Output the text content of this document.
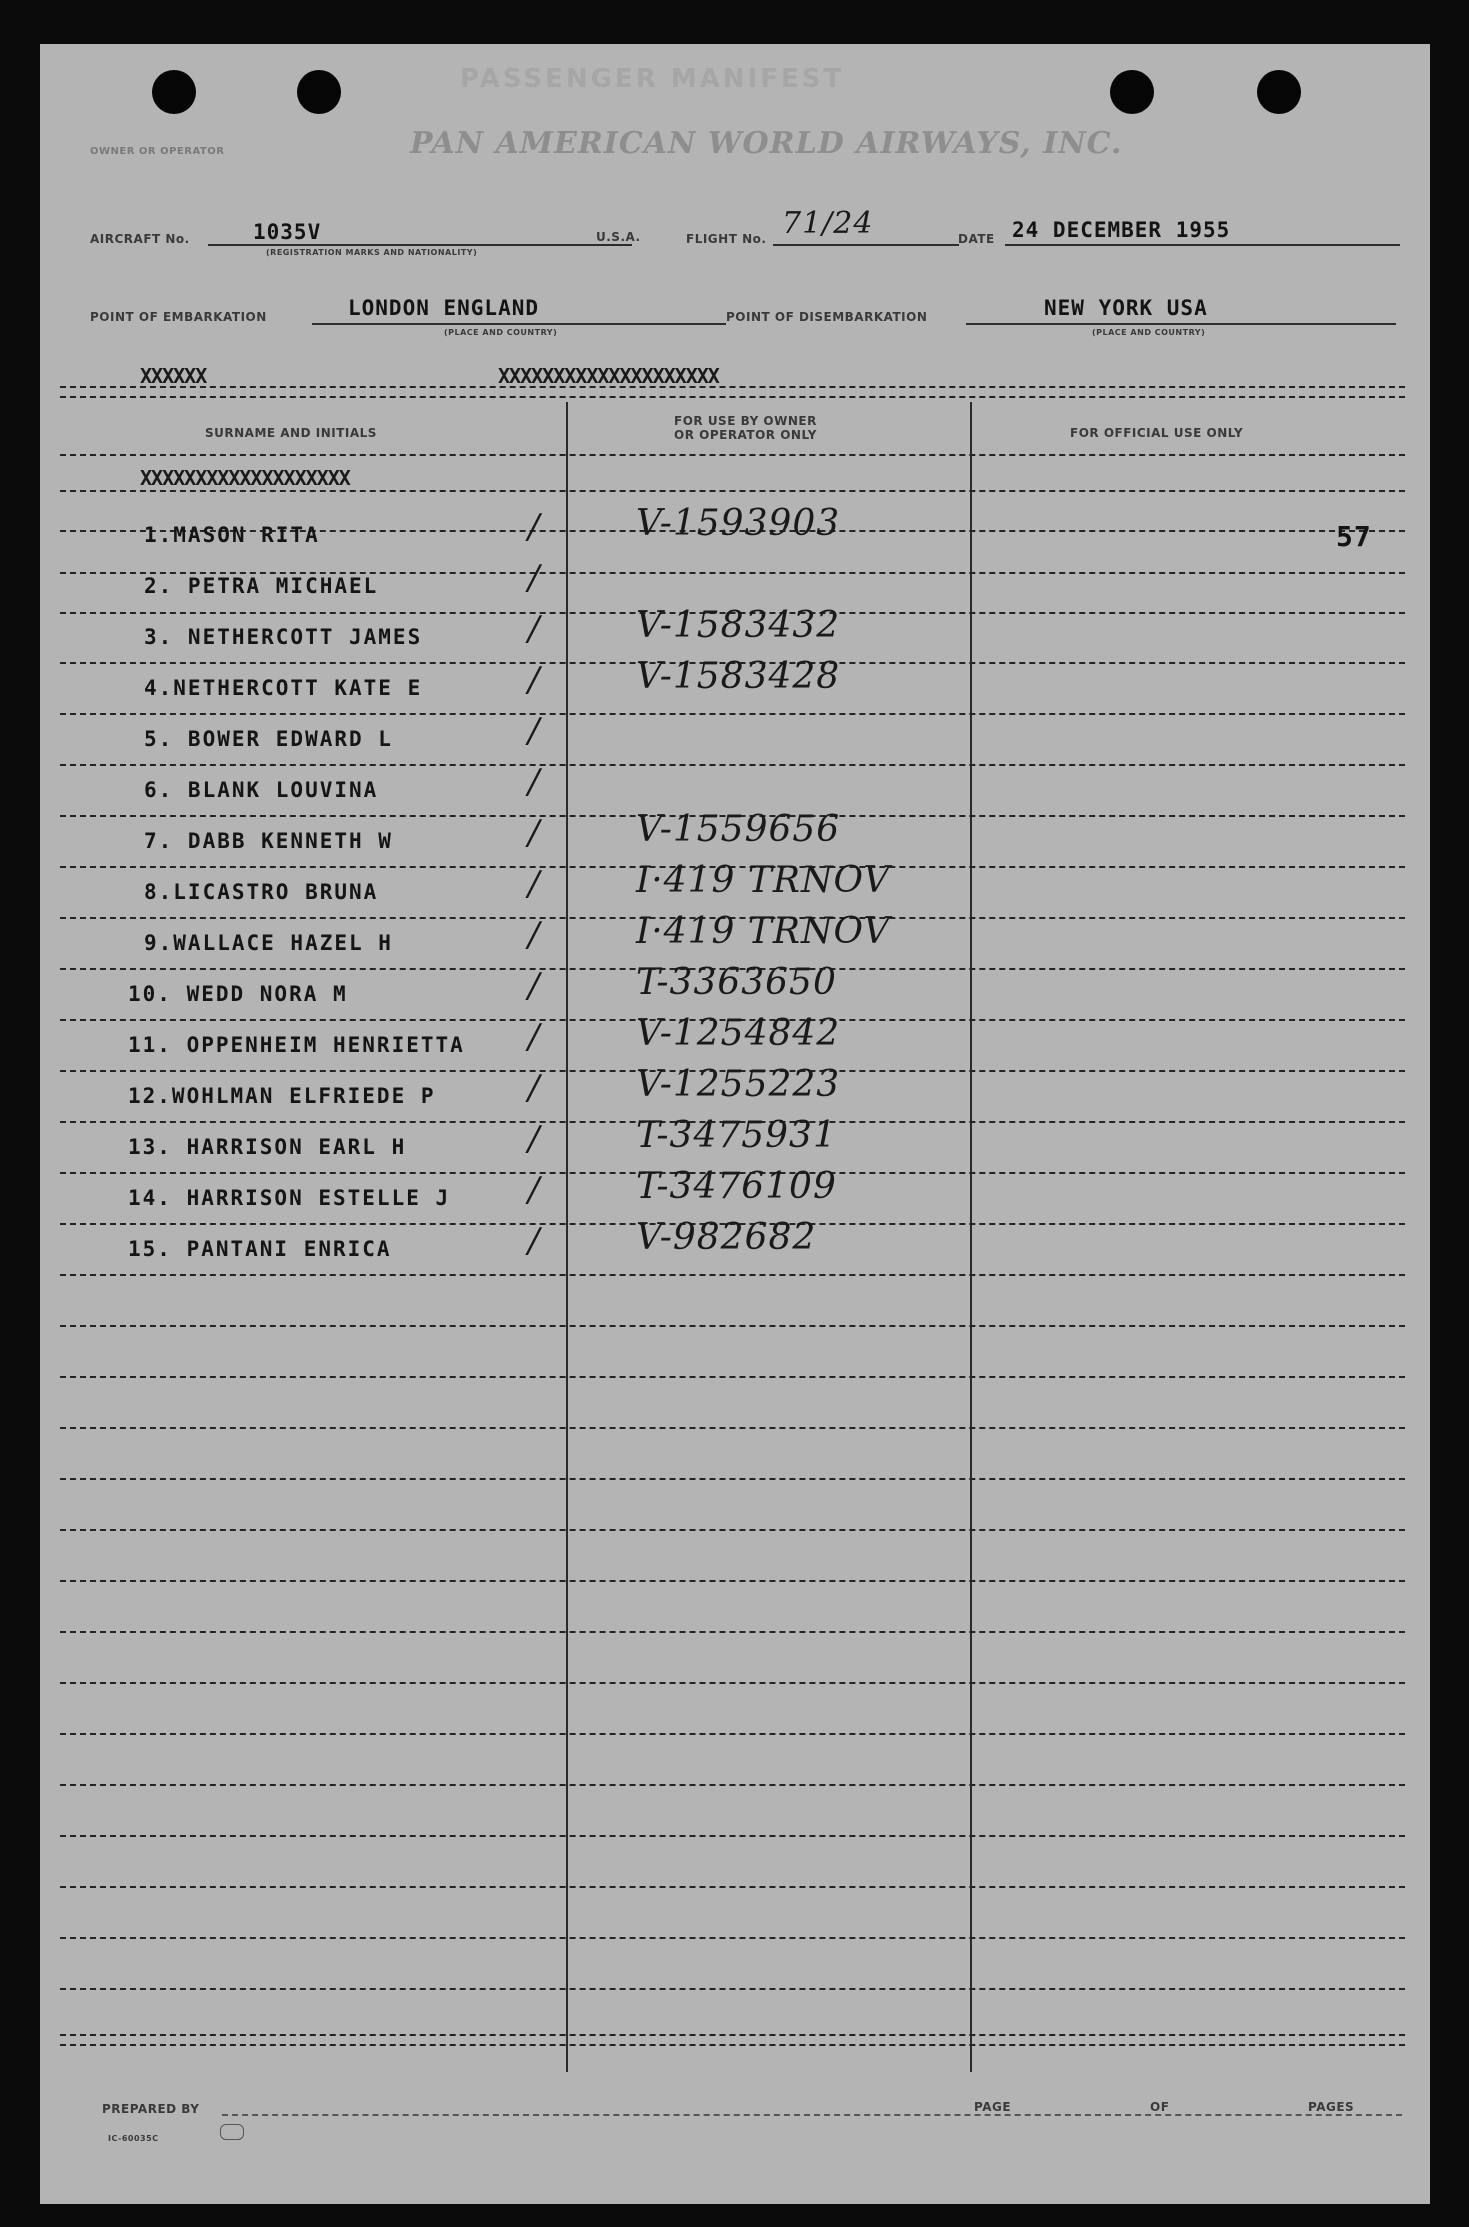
PASSENGER MANIFEST
OWNER OR OPERATOR	PAN AMERICAN WORLD AIRWAYS, INC.
AIRCRAFT No.	1035V
(REGISTRATION MARKS AND NATIONALITY)
U.S.A.	FLIGHT No. 71/24	DATE 24 DECEMBER 1955
POINT OF EMBARKATION	LONDON ENGLAND
(PLACE AND COUNTRY)
POINT OF DISEMBARKATION	NEW YORK USA
(PLACE AND COUNTRY)
XXXXXX	XXXXXXXXXXXXXXXXXXXX
SURNAME AND INITIALS
FOR USE BY OWNER
OR OPERATOR ONLY	FOR OFFICIAL USE ONLY
XXXXXXXXXXXXXXXXXXX
1.MASON RITA	/	V-1593903
2. PETRA MICHAEL	/
3. NETHERCOTT JAMES	/	V-1583432
4.NETHERCOTT KATE E	/	V-1583428
5. BOWER EDWARD L	/
6. BLANK LOUVINA	/
7. DABB KENNETH W	/	V-1559656
8.LICASTRO BRUNA	/	I·419 TRNOV
9.WALLACE HAZEL H	/	I·419 TRNOV
10. WEDD NORA M	/	T-3363650
11. OPPENHEIM HENRIETTA /	V-1254842
12.WOHLMAN ELFRIEDE P	/	V-1255223
13. HARRISON EARL H	/	T-3475931
14. HARRISON ESTELLE J /	T-3476109
15. PANTANI ENRICA	/	V-982682
57
PREPARED BY	PAGE	OF	PAGES
IC-60035C
